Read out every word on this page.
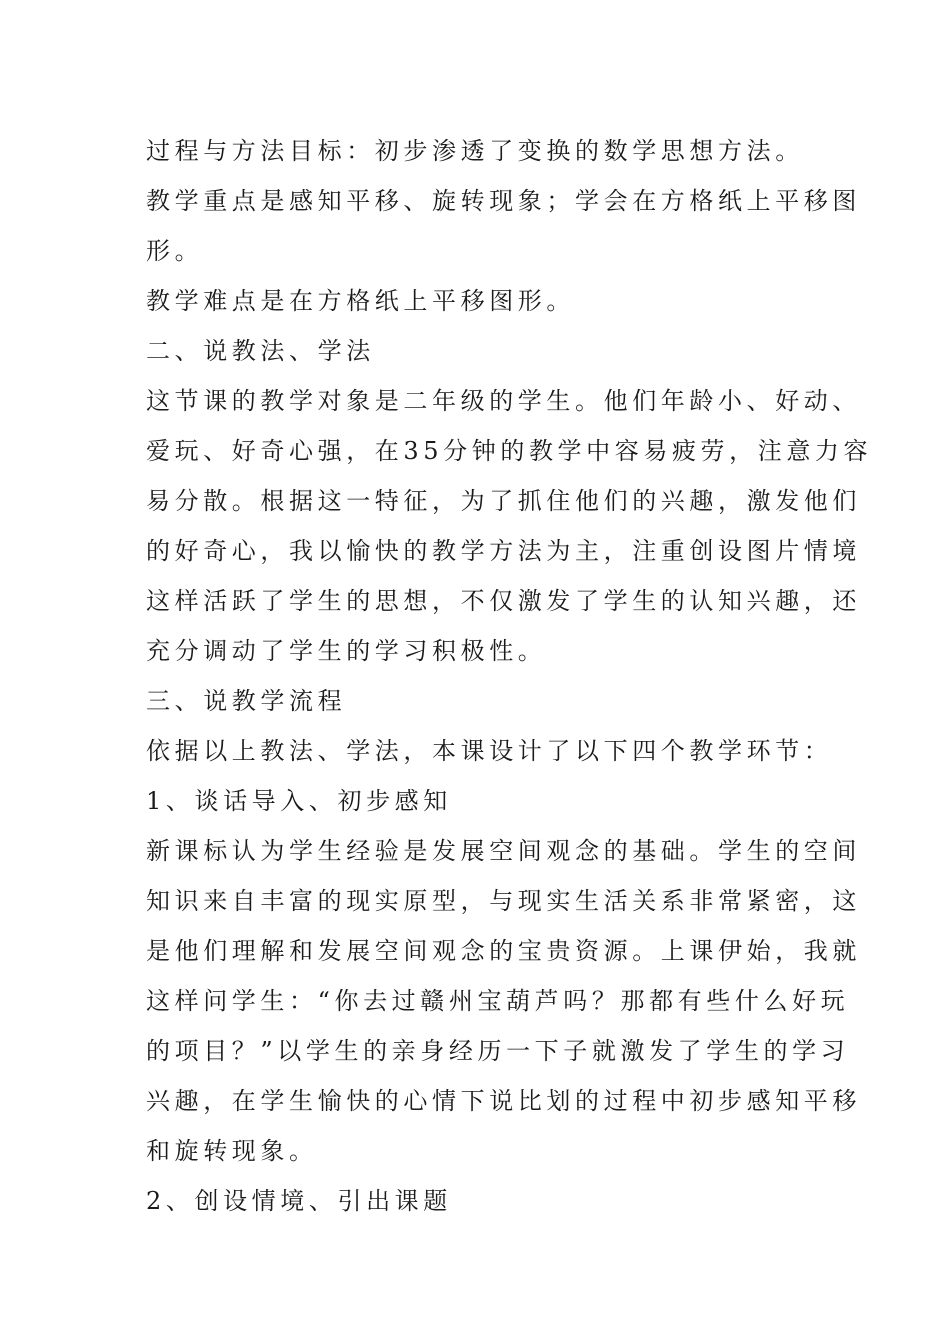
过程与方法目标：初步渗透了变换的数学思想方法。
教学重点是感知平移、旋转现象；学会在方格纸上平移图
形。
教学难点是在方格纸上平移图形。
二、说教法、学法
这节课的教学对象是二年级的学生。他们年龄小、好动、
爱玩、好奇心强，在35分钟的教学中容易疲劳，注意力容
易分散。根据这一特征，为了抓住他们的兴趣，激发他们
的好奇心，我以愉快的教学方法为主，注重创设图片情境
这样活跃了学生的思想，不仅激发了学生的认知兴趣，还
充分调动了学生的学习积极性。
三、说教学流程
依据以上教法、学法，本课设计了以下四个教学环节：
1、谈话导入、初步感知
新课标认为学生经验是发展空间观念的基础。学生的空间
知识来自丰富的现实原型，与现实生活关系非常紧密，这
是他们理解和发展空间观念的宝贵资源。上课伊始，我就
这样问学生：“你去过赣州宝葫芦吗？那都有些什么好玩
的项目？”以学生的亲身经历一下子就激发了学生的学习
兴趣，在学生愉快的心情下说比划的过程中初步感知平移
和旋转现象。
2、创设情境、引出课题
